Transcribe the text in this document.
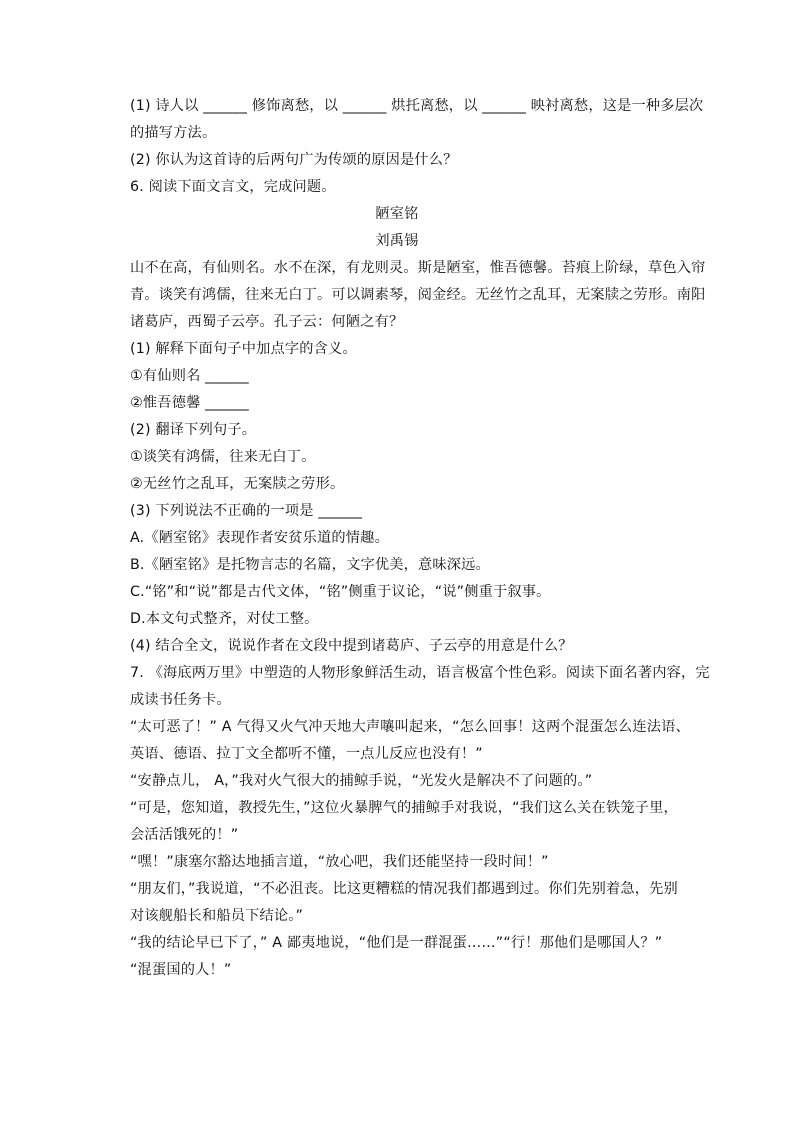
(1) 诗人以 ______ 修饰离愁，以 ______ 烘托离愁，以 ______ 映衬离愁，这是一种多层次
的描写方法。
(2) 你认为这首诗的后两句广为传颂的原因是什么？
6. 阅读下面文言文，完成问题。
陋室铭
刘禹锡
山不在高，有仙则名。水不在深，有龙则灵。斯是陋室，惟吾德馨。苔痕上阶绿，草色入帘
青。谈笑有鸿儒，往来无白丁。可以调素琴，阅金经。无丝竹之乱耳，无案牍之劳形。南阳
诸葛庐，西蜀子云亭。孔子云：何陋之有？
(1) 解释下面句子中加点字的含义。
①有仙则名 ______
②惟吾德馨 ______
(2) 翻译下列句子。
①谈笑有鸿儒，往来无白丁。
②无丝竹之乱耳，无案牍之劳形。
(3) 下列说法不正确的一项是 ______
A.《陋室铭》表现作者安贫乐道的情趣。
B.《陋室铭》是托物言志的名篇，文字优美，意味深远。
C.“铭”和“说”都是古代文体，“铭”侧重于议论，“说”侧重于叙事。
D.本文句式整齐，对仗工整。
(4) 结合全文，说说作者在文段中提到诸葛庐、子云亭的用意是什么？
7. 《海底两万里》中塑造的人物形象鲜活生动，语言极富个性色彩。阅读下面名著内容，完
成读书任务卡。
“太可恶了！” A 气得又火气冲天地大声嚷叫起来，“怎么回事！这两个混蛋怎么连法语、
英语、德语、拉丁文全都听不懂，一点儿反应也没有！”
“安静点儿， A，”我对火气很大的捕鲸手说，“光发火是解决不了问题的。”
“可是，您知道，教授先生，”这位火暴脾气的捕鲸手对我说，“我们这么关在铁笼子里，
会活活饿死的！”
“嘿！”康塞尔豁达地插言道，“放心吧，我们还能坚持一段时间！”
“朋友们，”我说道，“不必沮丧。比这更糟糕的情况我们都遇到过。你们先别着急，先别
对该舰船长和船员下结论。”
“我的结论早已下了，” A 鄙夷地说，“他们是一群混蛋……”“行！那他们是哪国人？”
“混蛋国的人！”
